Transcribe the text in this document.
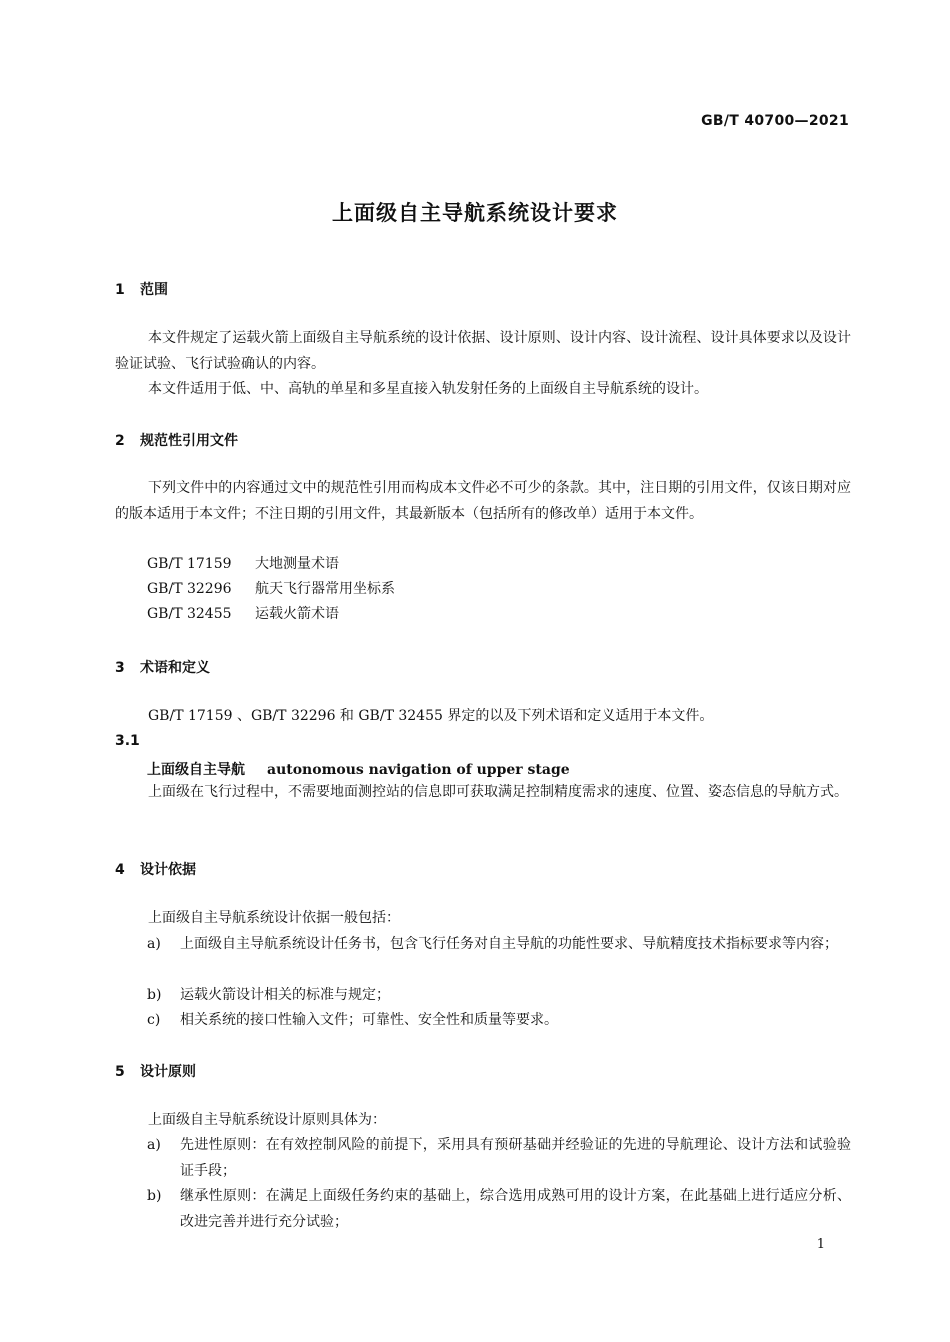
GB/T 40700—2021
上面级自主导航系统设计要求
1 范围
本文件规定了运载火箭上面级自主导航系统的设计依据、设计原则、设计内容、设计流程、设计具体要求以及设计验证试验、飞行试验确认的内容。
本文件适用于低、中、高轨的单星和多星直接入轨发射任务的上面级自主导航系统的设计。
2 规范性引用文件
下列文件中的内容通过文中的规范性引用而构成本文件必不可少的条款。其中，注日期的引用文件，仅该日期对应的版本适用于本文件；不注日期的引用文件，其最新版本（包括所有的修改单）适用于本文件。
GB/T 17159 大地测量术语
GB/T 32296 航天飞行器常用坐标系
GB/T 32455 运载火箭术语
3 术语和定义
GB/T 17159 、GB/T 32296 和 GB/T 32455 界定的以及下列术语和定义适用于本文件。
3.1
上面级自主导航 autonomous navigation of upper stage
上面级在飞行过程中，不需要地面测控站的信息即可获取满足控制精度需求的速度、位置、姿态信息的导航方式。
4 设计依据
上面级自主导航系统设计依据一般包括：
a) 上面级自主导航系统设计任务书，包含飞行任务对自主导航的功能性要求、导航精度技术指标要求等内容；
b) 运载火箭设计相关的标准与规定；
c) 相关系统的接口性输入文件；可靠性、安全性和质量等要求。
5 设计原则
上面级自主导航系统设计原则具体为：
a) 先进性原则：在有效控制风险的前提下，采用具有预研基础并经验证的先进的导航理论、设计方法和试验验证手段；
b) 继承性原则：在满足上面级任务约束的基础上，综合选用成熟可用的设计方案，在此基础上进行适应分析、改进完善并进行充分试验；
1
